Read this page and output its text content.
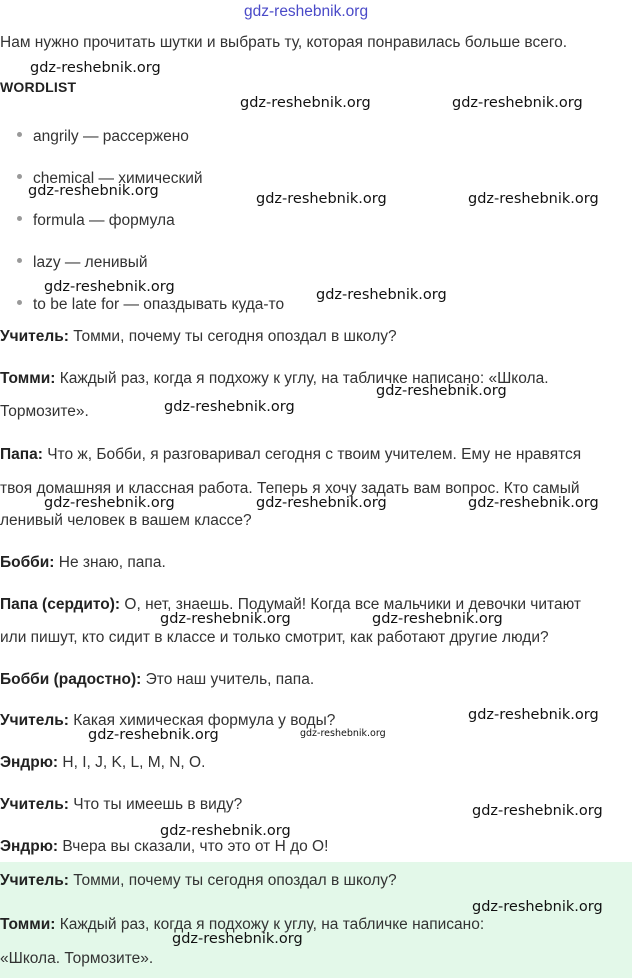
gdz-reshebnik.org
Нам нужно прочитать шутки и выбрать ту, которая понравилась больше всего.
WORDLIST
angrily — рассержено
chemical — химический
formula — формула
lazy — ленивый
to be late for — опаздывать куда-то
Учитель: Томми, почему ты сегодня опоздал в школу?
Томми: Каждый раз, когда я подхожу к углу, на табличке написано: «Школа.
Тормозите».
Папа: Что ж, Бобби, я разговаривал сегодня с твоим учителем. Ему не нравятся
твоя домашняя и классная работа. Теперь я хочу задать вам вопрос. Кто самый
ленивый человек в вашем классе?
Бобби: Не знаю, папа.
Папа (сердито): О, нет, знаешь. Подумай! Когда все мальчики и девочки читают
или пишут, кто сидит в классе и только смотрит, как работают другие люди?
Бобби (радостно): Это наш учитель, папа.
Учитель: Какая химическая формула у воды?
Эндрю: H, I, J, K, L, M, N, O.
Учитель: Что ты имеешь в виду?
Эндрю: Вчера вы сказали, что это от H до O!
Учитель: Томми, почему ты сегодня опоздал в школу?
Томми: Каждый раз, когда я подхожу к углу, на табличке написано:
«Школа. Тормозите».
gdz-reshebnik.org
gdz-reshebnik.org	gdz-reshebnik.org
gdz-reshebnik.org	gdz-reshebnik.org	gdz-reshebnik.org
gdz-reshebnik.org	gdz-reshebnik.org
gdz-reshebnik.org
gdz-reshebnik.org
gdz-reshebnik.org	gdz-reshebnik.org	gdz-reshebnik.org
gdz-reshebnik.org	gdz-reshebnik.org
gdz-reshebnik.org
gdz-reshebnik.org	gdz-reshebnik.org
gdz-reshebnik.org
gdz-reshebnik.org
gdz-reshebnik.org
gdz-reshebnik.org
